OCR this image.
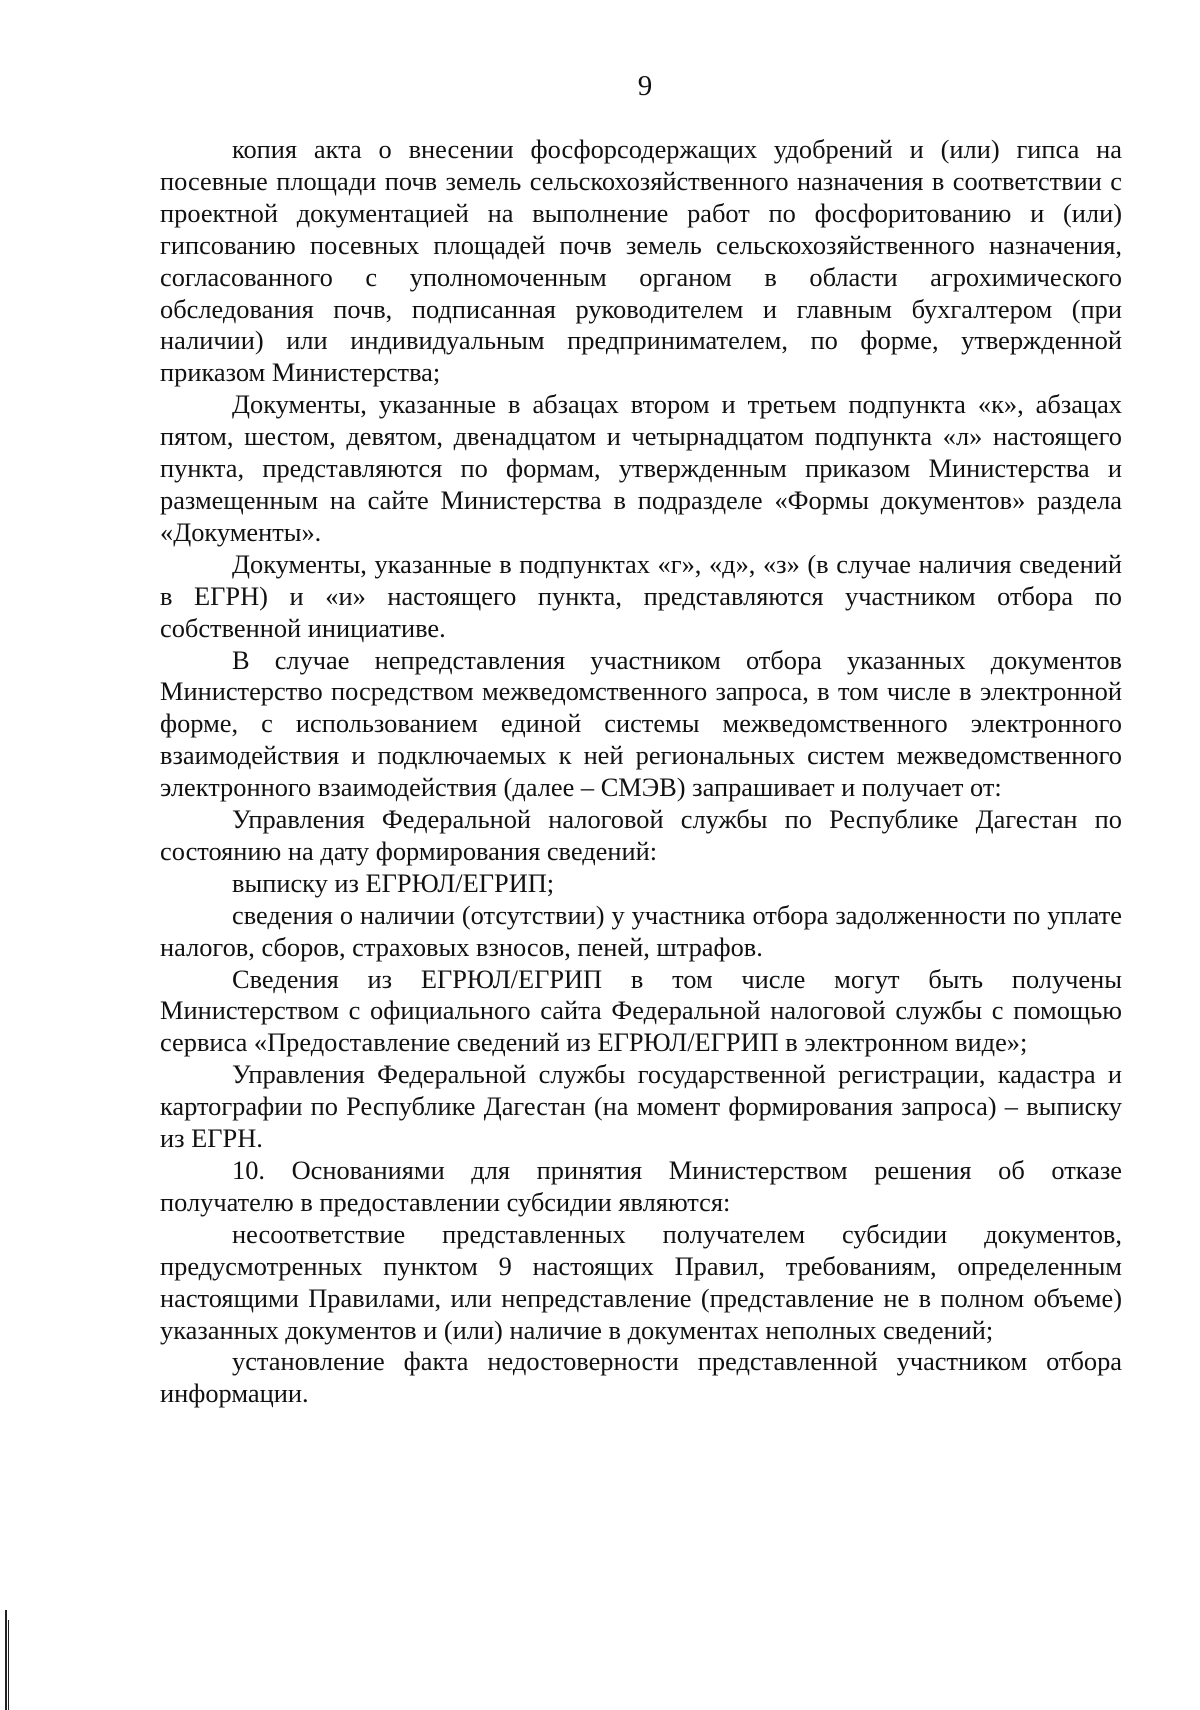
9

копия акта о внесении фосфорсодержащих удобрений и (или) гипса на посевные площади почв земель сельскохозяйственного назначения в соответствии с проектной документацией на выполнение работ по фосфоритованию и (или) гипсованию посевных площадей почв земель сельскохозяйственного назначения, согласованного с уполномоченным органом в области агрохимического обследования почв, подписанная руководителем и главным бухгалтером (при наличии) или индивидуальным предпринимателем, по форме, утвержденной приказом Министерства;

Документы, указанные в абзацах втором и третьем подпункта «к», абзацах пятом, шестом, девятом, двенадцатом и четырнадцатом подпункта «л» настоящего пункта, представляются по формам, утвержденным приказом Министерства и размещенным на сайте Министерства в подразделе «Формы документов» раздела «Документы».

Документы, указанные в подпунктах «г», «д», «з» (в случае наличия сведений в ЕГРН) и «и» настоящего пункта, представляются участником отбора по собственной инициативе.

В случае непредставления участником отбора указанных документов Министерство посредством межведомственного запроса, в том числе в электронной форме, с использованием единой системы межведомственного электронного взаимодействия и подключаемых к ней региональных систем межведомственного электронного взаимодействия (далее – СМЭВ) запрашивает и получает от:

Управления Федеральной налоговой службы по Республике Дагестан по состоянию на дату формирования сведений:

выписку из ЕГРЮЛ/ЕГРИП;

сведения о наличии (отсутствии) у участника отбора задолженности по уплате налогов, сборов, страховых взносов, пеней, штрафов.

Сведения из ЕГРЮЛ/ЕГРИП в том числе могут быть получены Министерством с официального сайта Федеральной налоговой службы с помощью сервиса «Предоставление сведений из ЕГРЮЛ/ЕГРИП в электронном виде»;

Управления Федеральной службы государственной регистрации, кадастра и картографии по Республике Дагестан (на момент формирования запроса) – выписку из ЕГРН.

10. Основаниями для принятия Министерством решения об отказе получателю в предоставлении субсидии являются:

несоответствие представленных получателем субсидии документов, предусмотренных пунктом 9 настоящих Правил, требованиям, определенным настоящими Правилами, или непредставление (представление не в полном объеме) указанных документов и (или) наличие в документах неполных сведений;

установление факта недостоверности представленной участником отбора информации.
